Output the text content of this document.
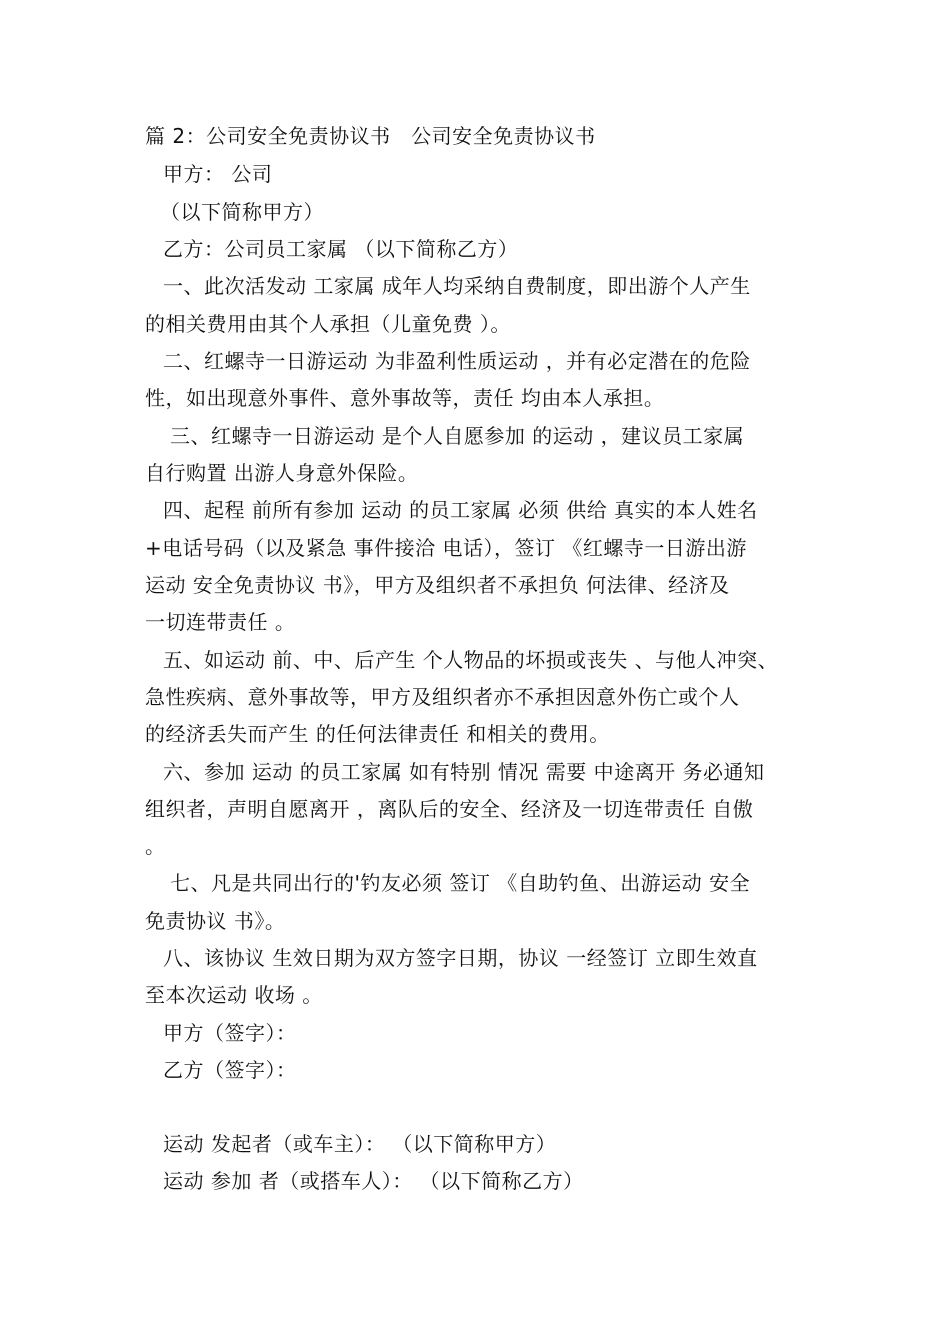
篇 2：公司安全免责协议书　公司安全免责协议书
甲方： 公司
（以下简称甲方）
乙方：公司员工家属 （以下简称乙方）
一、此次活发动 工家属 成年人均采纳自费制度，即出游个人产生
的相关费用由其个人承担（儿童免费 ）。
二、红螺寺一日游运动 为非盈利性质运动 ，并有必定潜在的危险
性，如出现意外事件、意外事故等，责任 均由本人承担。
三、红螺寺一日游运动 是个人自愿参加 的运动 ，建议员工家属
自行购置 出游人身意外保险。
四、起程 前所有参加 运动 的员工家属 必须 供给 真实的本人姓名
+电话号码（以及紧急 事件接洽 电话），签订 《红螺寺一日游出游
运动 安全免责协议 书》，甲方及组织者不承担负 何法律、经济及
一切连带责任 。
五、如运动 前、中、后产生 个人物品的坏损或丧失 、与他人冲突、
急性疾病、意外事故等，甲方及组织者亦不承担因意外伤亡或个人
的经济丢失而产生 的任何法律责任 和相关的费用。
六、参加 运动 的员工家属 如有特别 情况 需要 中途离开 务必通知
组织者，声明自愿离开 ，离队后的安全、经济及一切连带责任 自傲
。
七、凡是共同出行的'钓友必须 签订 《自助钓鱼、出游运动 安全
免责协议 书》。
八、该协议 生效日期为双方签字日期，协议 一经签订 立即生效直
至本次运动 收场 。
甲方（签字）：
乙方（签字）：
运动 发起者（或车主）： （以下简称甲方）
运动 参加 者（或搭车人）： （以下简称乙方）
